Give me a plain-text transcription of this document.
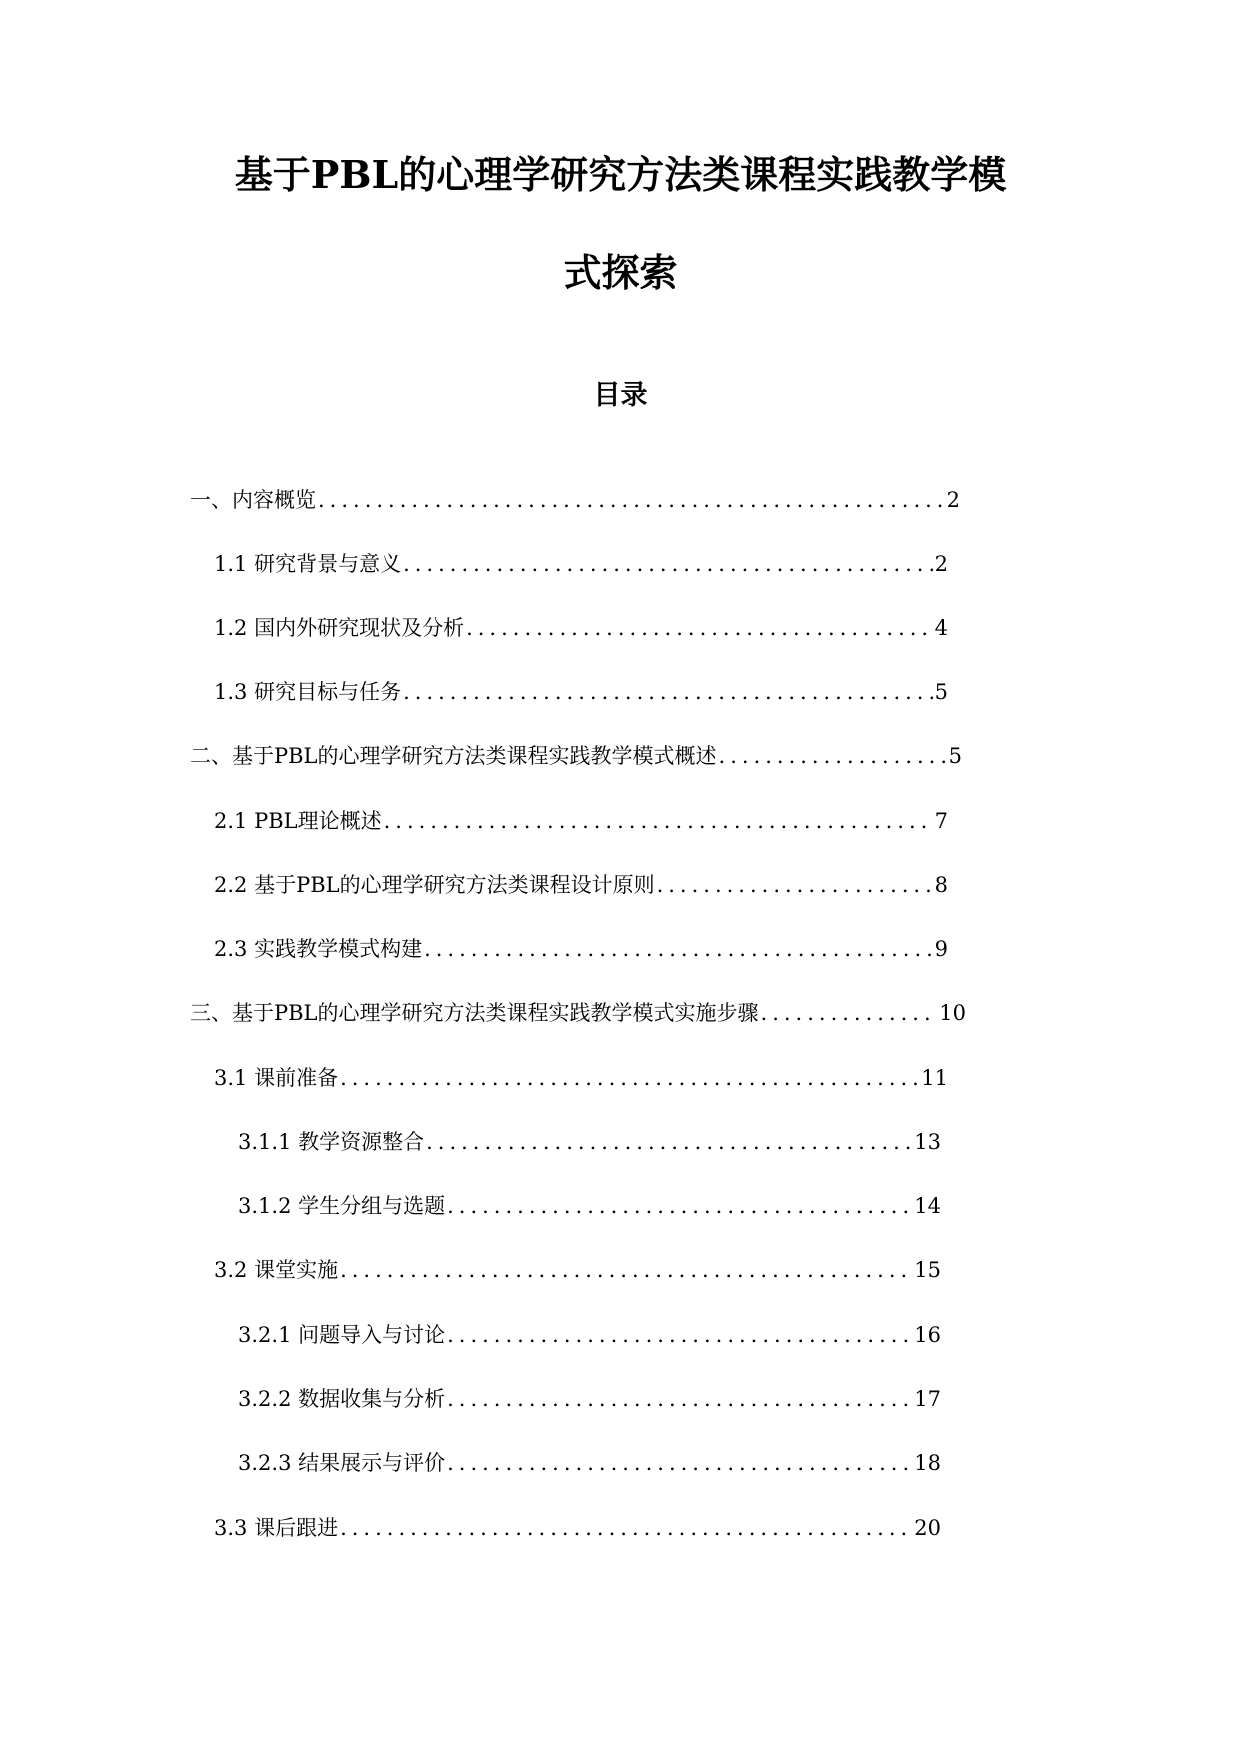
基于PBL的心理学研究方法类课程实践教学模
式探索
目录
一、内容概览 .....	2
1.1 研究背景与意义 .....	2
1.2 国内外研究现状及分析 .....	4
1.3 研究目标与任务 .....	5
二、基于PBL的心理学研究方法类课程实践教学模式概述 .....	5
2.1 PBL理论概述 .....	7
2.2 基于PBL的心理学研究方法类课程设计原则 .....	8
2.3 实践教学模式构建 .....	9
三、基于PBL的心理学研究方法类课程实践教学模式实施步骤 .....	10
3.1 课前准备 .....	11
3.1.1 教学资源整合 .....	13
3.1.2 学生分组与选题 .....	14
3.2 课堂实施 .....	15
3.2.1 问题导入与讨论 .....	16
3.2.2 数据收集与分析 .....	17
3.2.3 结果展示与评价 .....	18
3.3 课后跟进 .....	20
